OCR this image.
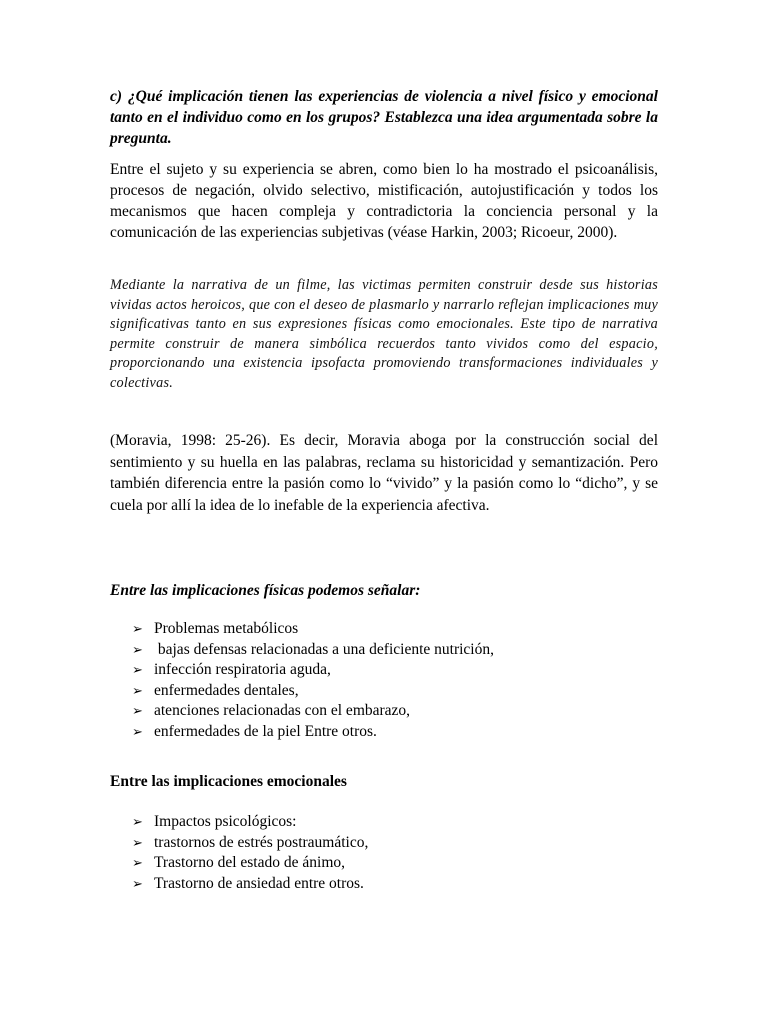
c) ¿Qué implicación tienen las experiencias de violencia a nivel físico y emocional tanto en el individuo como en los grupos? Establezca una idea argumentada sobre la pregunta.
Entre el sujeto y su experiencia se abren, como bien lo ha mostrado el psicoanálisis, procesos de negación, olvido selectivo, mistificación, autojustificación y todos los mecanismos que hacen compleja y contradictoria la conciencia personal y la comunicación de las experiencias subjetivas (véase Harkin, 2003; Ricoeur, 2000).
Mediante la narrativa de un filme, las victimas permiten construir desde sus historias vividas actos heroicos, que con el deseo de plasmarlo y narrarlo reflejan implicaciones muy significativas tanto en sus expresiones físicas como emocionales. Este tipo de narrativa permite construir de manera simbólica recuerdos tanto vividos como del espacio, proporcionando una existencia ipsofacta promoviendo transformaciones individuales y colectivas.
(Moravia, 1998: 25-26). Es decir, Moravia aboga por la construcción social del sentimiento y su huella en las palabras, reclama su historicidad y semantización. Pero también diferencia entre la pasión como lo “vivido” y la pasión como lo “dicho”, y se cuela por allí la idea de lo inefable de la experiencia afectiva.
Entre las implicaciones físicas podemos señalar:
➢ Problemas metabólicos
➢ bajas defensas relacionadas a una deficiente nutrición,
➢ infección respiratoria aguda,
➢ enfermedades dentales,
➢ atenciones relacionadas con el embarazo,
➢ enfermedades de la piel Entre otros.
Entre las implicaciones emocionales
➢ Impactos psicológicos:
➢ trastornos de estrés postraumático,
➢ Trastorno del estado de ánimo,
➢ Trastorno de ansiedad entre otros.
